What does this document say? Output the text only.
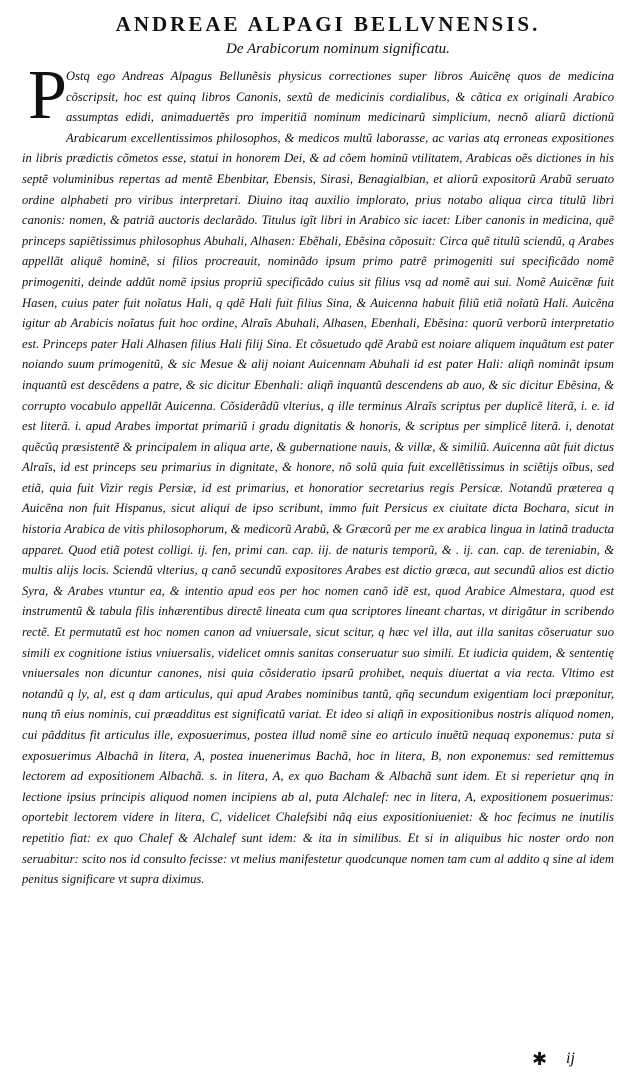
ANDREAE ALPAGI BELLVNENSIS.
De Arabicorum nominum significatu.

P Ostq ego Andreas Alpagus Bellunẽsis physicus correctiones super libros Auicẽnę quos de medicina cõscripsit, hoc est quinq libros Canonis, sextũ de medicinis cordialibus, & cãtica ex originali Arabico assumptas edidi, animaduertẽs pro imperitiã nominum medicinarũ simplicium, necnõ aliarũ dictionũ Arabicarum excellentissimos philosophos, & medicos multũ laborasse, ac varias atq erroneas expositiones in libris prædictis cõmetos esse, statui in honorem Dei, & ad cõem hominũ vtilitatem, Arabicas oẽs dictiones in his septẽ voluminibus repertas ad mentẽ Ebenbitar, Ebensis, Sirasi, Benagialbian, et aliorũ expositorũ Arabũ seruato ordine alphabeti pro viribus interpretari. Diuino itaq auxilio implorato, prius notabo aliqua circa titulũ libri canonis: nomen, & patriã auctoris declarãdo. Titulus igĩt libri in Arabico sic iacet: Liber canonis in medicina, quẽ princeps sapiẽtissimus philosophus Abuhali, Alhasen: Ebẽhali, Ebẽsina cõposuit: Circa quẽ titulũ sciendũ, q Arabes appellãt aliquẽ hominẽ, si filios procreauit, nominãdo ipsum primo patrẽ primogeniti sui specificãdo nomẽ primogeniti, deinde addũt nomẽ ipsius propriũ specificãdo cuius sit filius vsq ad nomẽ aui sui. Nomẽ Auicẽnæ fuit Hasen, cuius pater fuit noĩatus Hali, q qdẽ Hali fuit filius Sina, & Auicenna habuit filiũ etiã noĩatũ Hali. Auicẽna igitur ab Arabicis noĩatus fuit hoc ordine, Alraĩs Abuhali, Alhasen, Ebenhali, Ebẽsina: quorũ verborũ interpretatio est. Princeps pater Hali Alhasen filius Hali filij Sina. Et cõsuetudo qdẽ Arabũ est noiare aliquem inquãtum est pater noiando suum primogenitũ, & sic Mesue & alij noiant Auicennam Abuhali id est pater Hali: aliqñ nominãt ipsum inquantũ est descẽdens a patre, & sic dicitur Ebenhali: aliqñ inquantũ descendens ab auo, & sic dicitur Ebẽsina, & corrupto vocabulo appellãt Auicenna. Cõsiderãdũ vlterius, q ille terminus Alraĩs scriptus per duplicẽ literã, i. e. id est literã. i. apud Arabes importat primariũ i gradu dignitatis & honoris, & scriptus per simplicẽ literã. i, denotat quẽcũq præsistentẽ & principalem in aliqua arte, & gubernatione nauis, & villæ, & similiũ. Auicenna aũt fuit dictus Alraĩs, id est princeps seu primarius in dignitate, & honore, nõ solũ quia fuit excellẽtissimus in sciẽtijs oĩbus, sed etiã, quia fuit Vizir regis Persiæ, id est primarius, et honoratior secretarius regis Persicæ. Notandũ præterea q Auicẽna non fuit Hispanus, sicut aliqui de ipso scribunt, immo fuit Persicus ex ciuitate dicta Bochara, sicut in historia Arabica de vitis philosophorum, & medicorũ Arabũ, & Græcorũ per me ex arabica lingua in latinã traducta apparet. Quod etiã potest colligi. ij. fen, primi can. cap. iij. de naturis temporũ, & . ij. can. cap. de tereniabin, & multis alijs locis. Sciendũ vlterius, q canõ secundũ expositores Arabes est dictio græca, aut secundũ alios est dictio Syra, & Arabes vtuntur ea, & intentio apud eos per hoc nomen canõ idẽ est, quod Arabice Almestara, quod est instrumentũ & tabula filis inhærentibus directẽ lineata cum qua scriptores lineant chartas, vt dirigãtur in scribendo rectẽ. Et permutatũ est hoc nomen canon ad vniuersale, sicut scitur, q hæc vel illa, aut illa sanitas cõseruatur suo simili ex cognitione istius vniuersalis, videlicet omnis sanitas conseruatur suo simili. Et iudicia quidem, & sententię vniuersales non dicuntur canones, nisi quia cõsideratio ipsarũ prohibet, nequis diuertat a via recta. Vltimo est notandũ q ly, al, est q dam articulus, qui apud Arabes nominibus tantũ, qñq secundum exigentiam loci præponitur, nunq tñ eius nominis, cui præadditus est significatũ variat. Et ideo si aliqñ in expositionibus nostris aliquod nomen, cui pãdditus fit articulus ille, exposuerimus, postea illud nomẽ sine eo articulo inuẽtũ nequaq exponemus: puta si exposuerimus Albachã in litera, A, postea inuenerimus Bachã, hoc in litera, B, non exponemus: sed remittemus lectorem ad expositionem Albachã. s. in litera, A, ex quo Bacham & Albachã sunt idem. Et si reperietur qnq in lectione ipsius principis aliquod nomen incipiens ab al, puta Alchalef: nec in litera, A, expositionem posuerimus: oportebit lectorem videre in litera, C, videlicet Chalefsibi nãq eius expositioniueniet: & hoc fecimus ne inutilis repetitio fiat: ex quo Chalef & Alchalef sunt idem: & ita in similibus. Et si in aliquibus hic noster ordo non seruabitur: scito nos id consulto fecisse: vt melius manifestetur quodcunque nomen tam cum al addito q sine al idem penitus significare vt supra diximus.

✱ ij
